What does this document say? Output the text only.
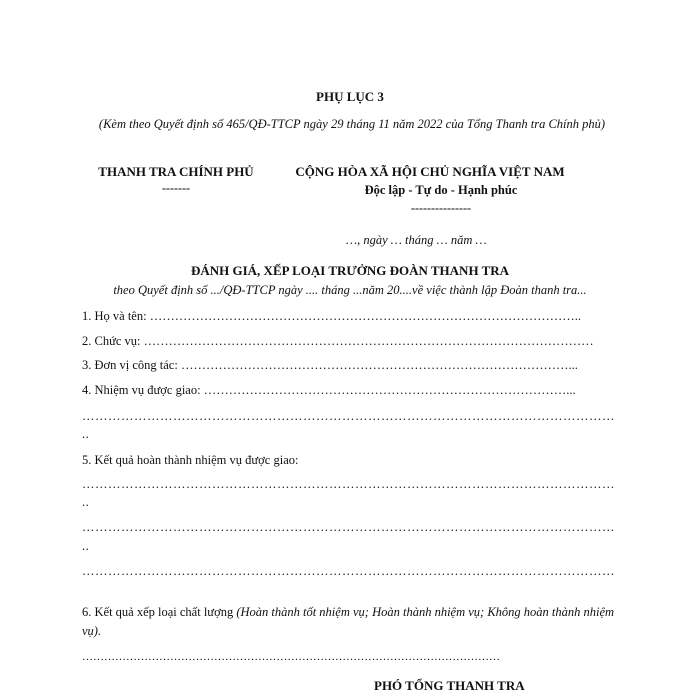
PHỤ LỤC 3
(Kèm theo Quyết định số 465/QĐ-TTCP ngày 29 tháng 11 năm 2022 của Tổng Thanh tra Chính phủ)
THANH TRA CHÍNH PHỦ
-------
CỘNG HÒA XÃ HỘI CHỦ NGHĨA VIỆT NAM
Độc lập - Tự do - Hạnh phúc
---------------
…, ngày … tháng … năm …
ĐÁNH GIÁ, XẾP LOẠI TRƯỞNG ĐOÀN THANH TRA
theo Quyết định số .../QĐ-TTCP ngày .... tháng ...năm 20....về việc thành lập Đoàn thanh tra...
1. Họ và tên: …………………………………………………………………………………………..
2. Chức vụ: ………………………………………………………………………………………………
3. Đơn vị công tác: …………………………………………………………………………………...
4. Nhiệm vụ được giao: ……………………………………………………………………………...
……………………………………………………………………………………………………………
..
5. Kết quả hoàn thành nhiệm vụ được giao:
……………………………………………………………………………………………………………
..
……………………………………………………………………………………………………………
..
……………………………………………………………………………………………………………
6. Kết quả xếp loại chất lượng (Hoàn thành tốt nhiệm vụ; Hoàn thành nhiệm vụ; Không hoàn thành nhiệm vụ).
……………………………………………………………………………………………………
PHÓ TỔNG THANH TRA
